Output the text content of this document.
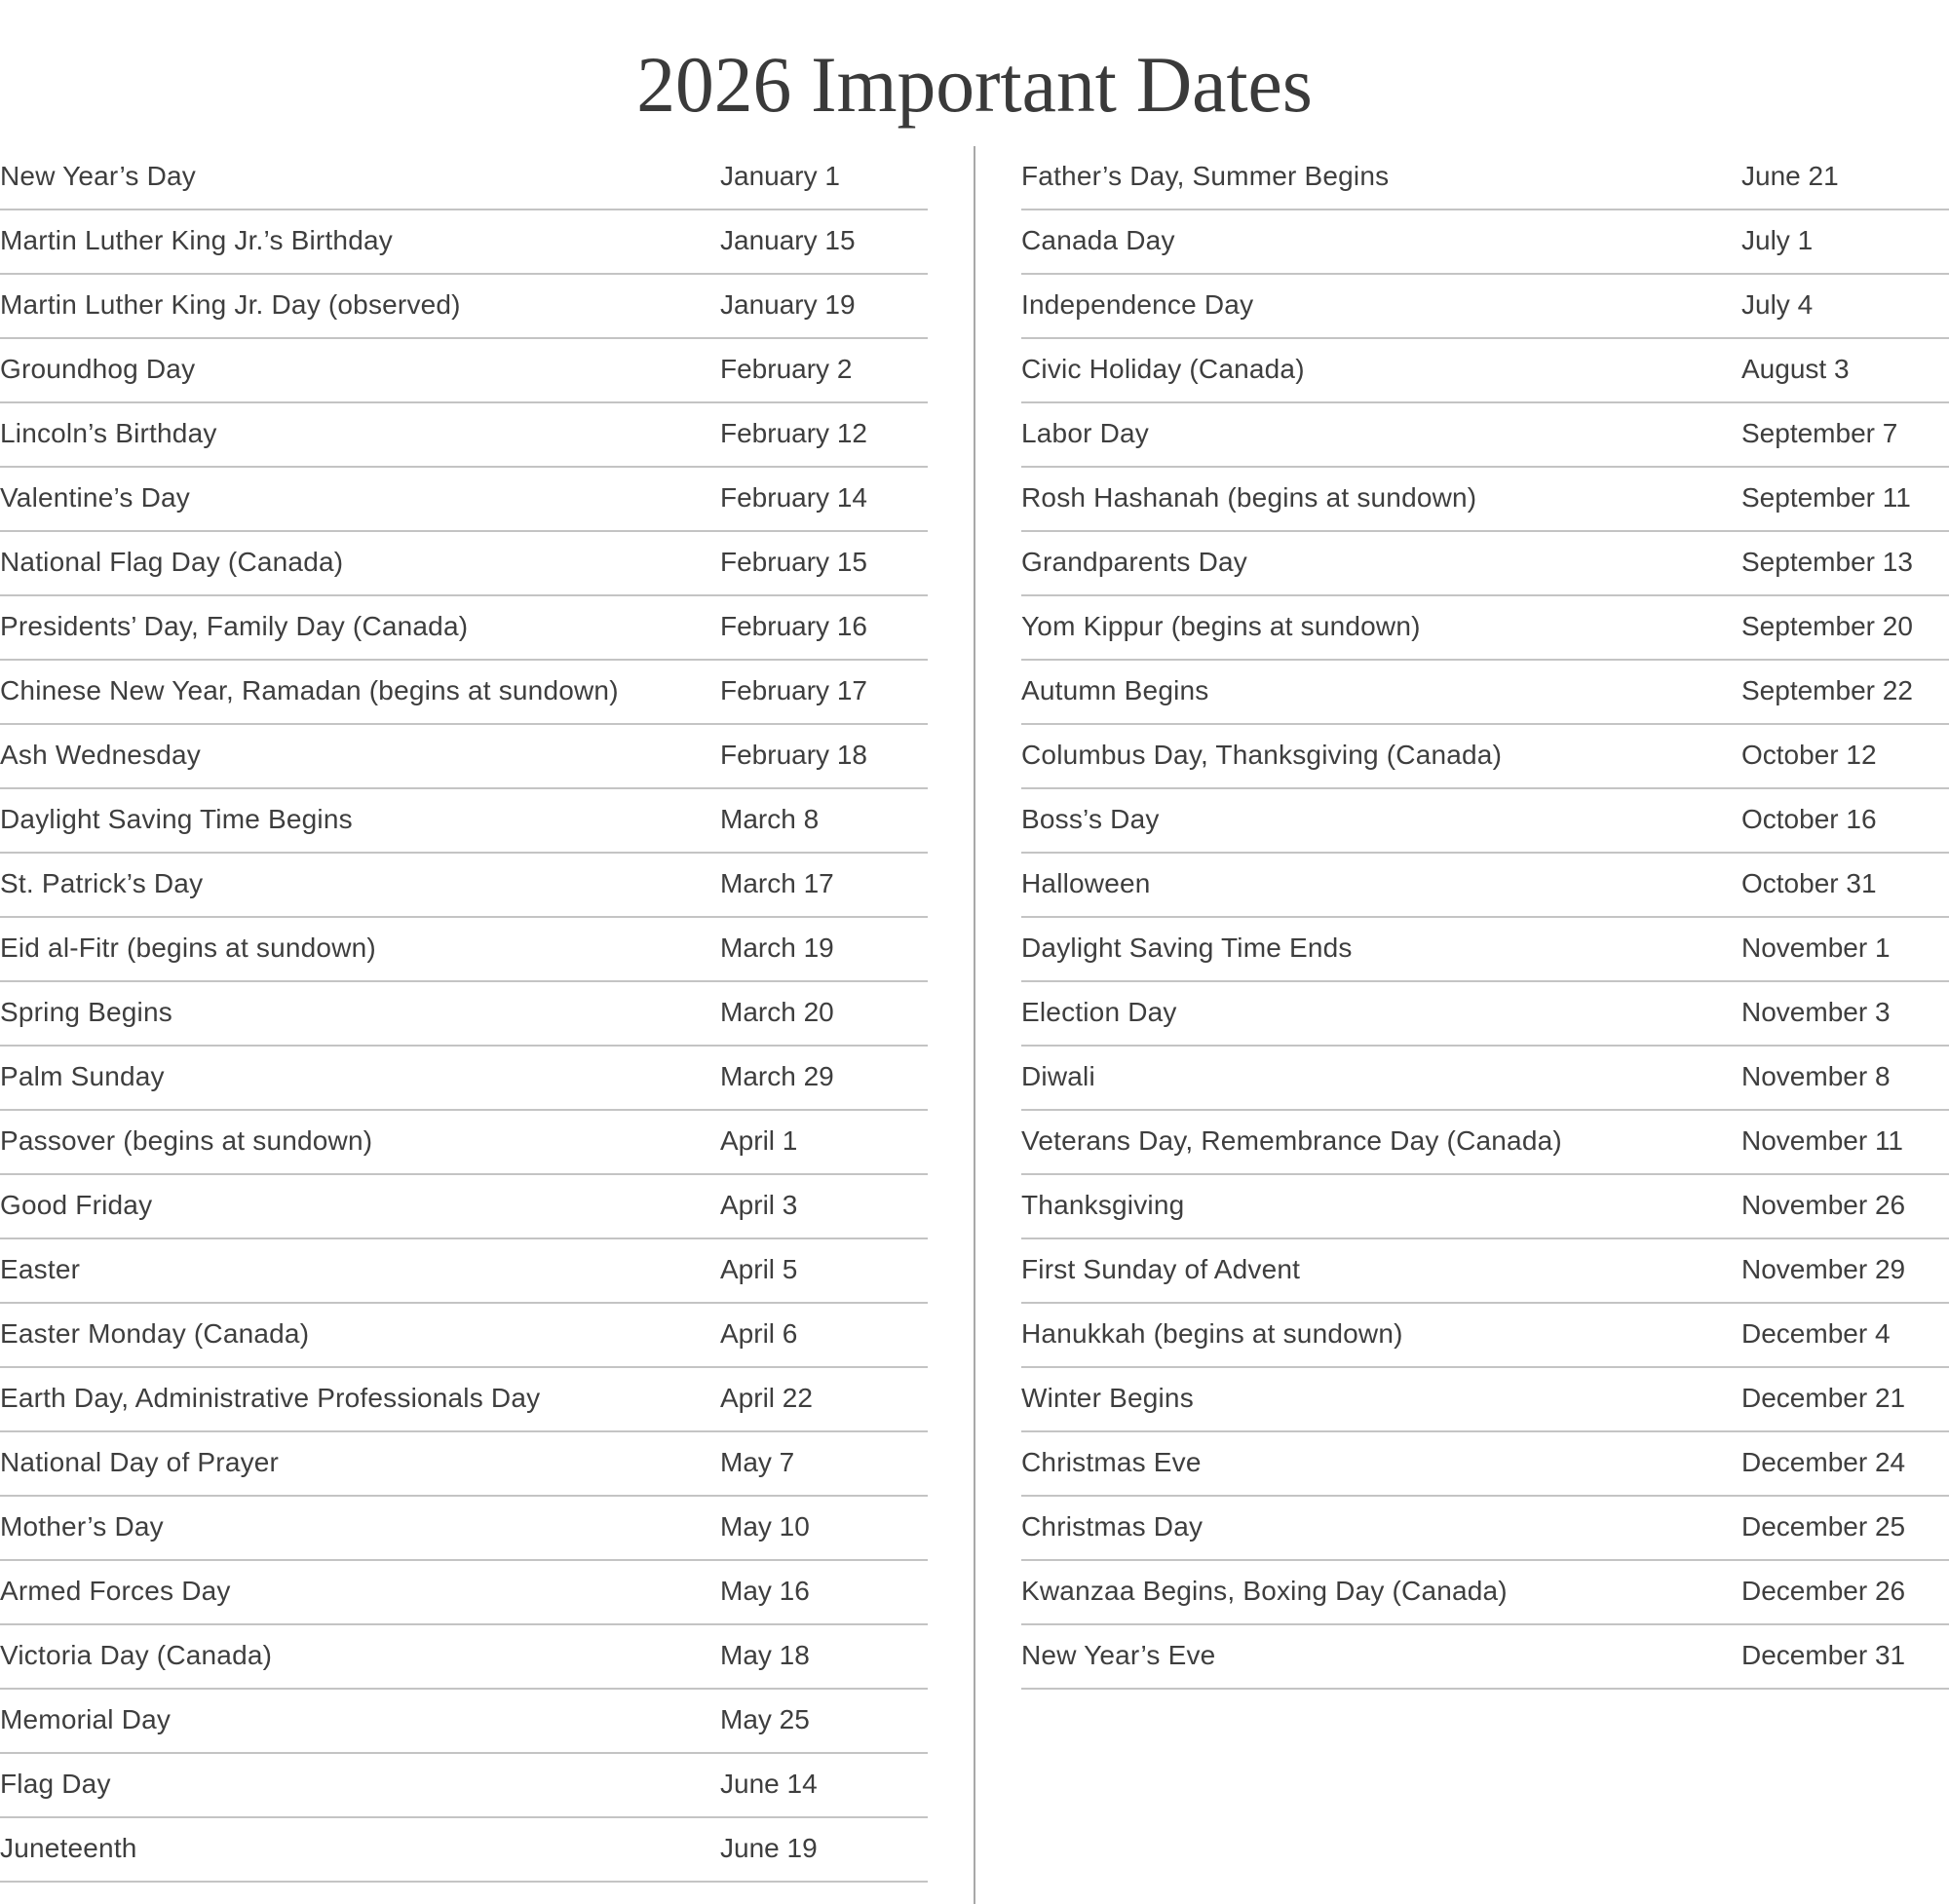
2026 Important Dates
New Year’s Day	January 1
Martin Luther King Jr.’s Birthday	January 15
Martin Luther King Jr. Day (observed)	January 19
Groundhog Day	February 2
Lincoln’s Birthday	February 12
Valentine’s Day	February 14
National Flag Day (Canada)	February 15
Presidents’ Day, Family Day (Canada)	February 16
Chinese New Year, Ramadan (begins at sundown)	February 17
Ash Wednesday	February 18
Daylight Saving Time Begins	March 8
St. Patrick’s Day	March 17
Eid al-Fitr (begins at sundown)	March 19
Spring Begins	March 20
Palm Sunday	March 29
Passover (begins at sundown)	April 1
Good Friday	April 3
Easter	April 5
Easter Monday (Canada)	April 6
Earth Day, Administrative Professionals Day	April 22
National Day of Prayer	May 7
Mother’s Day	May 10
Armed Forces Day	May 16
Victoria Day (Canada)	May 18
Memorial Day	May 25
Flag Day	June 14
Juneteenth	June 19
Father’s Day, Summer Begins	June 21
Canada Day	July 1
Independence Day	July 4
Civic Holiday (Canada)	August 3
Labor Day	September 7
Rosh Hashanah (begins at sundown)	September 11
Grandparents Day	September 13
Yom Kippur (begins at sundown)	September 20
Autumn Begins	September 22
Columbus Day, Thanksgiving (Canada)	October 12
Boss’s Day	October 16
Halloween	October 31
Daylight Saving Time Ends	November 1
Election Day	November 3
Diwali	November 8
Veterans Day, Remembrance Day (Canada)	November 11
Thanksgiving	November 26
First Sunday of Advent	November 29
Hanukkah (begins at sundown)	December 4
Winter Begins	December 21
Christmas Eve	December 24
Christmas Day	December 25
Kwanzaa Begins, Boxing Day (Canada)	December 26
New Year’s Eve	December 31
